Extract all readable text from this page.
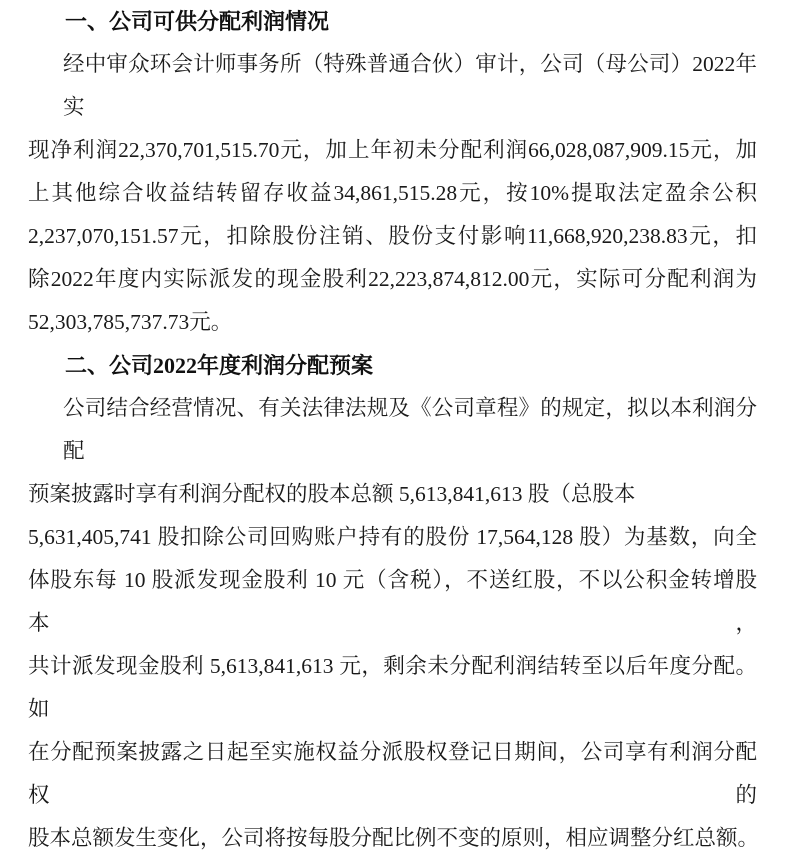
一、公司可供分配利润情况
经中审众环会计师事务所（特殊普通合伙）审计，公司（母公司）2022年实
现净利润22,370,701,515.70元，加上年初未分配利润66,028,087,909.15元，加
上其他综合收益结转留存收益34,861,515.28元，按10%提取法定盈余公积
2,237,070,151.57元，扣除股份注销、股份支付影响11,668,920,238.83元，扣
除2022年度内实际派发的现金股利22,223,874,812.00元，实际可分配利润为
52,303,785,737.73元。
二、公司2022年度利润分配预案
公司结合经营情况、有关法律法规及《公司章程》的规定，拟以本利润分配
预案披露时享有利润分配权的股本总额 5,613,841,613 股（总股本
5,631,405,741 股扣除公司回购账户持有的股份 17,564,128 股）为基数，向全
体股东每 10 股派发现金股利 10 元（含税），不送红股，不以公积金转增股本，
共计派发现金股利 5,613,841,613 元，剩余未分配利润结转至以后年度分配。如
在分配预案披露之日起至实施权益分派股权登记日期间，公司享有利润分配权的
股本总额发生变化，公司将按每股分配比例不变的原则，相应调整分红总额。
